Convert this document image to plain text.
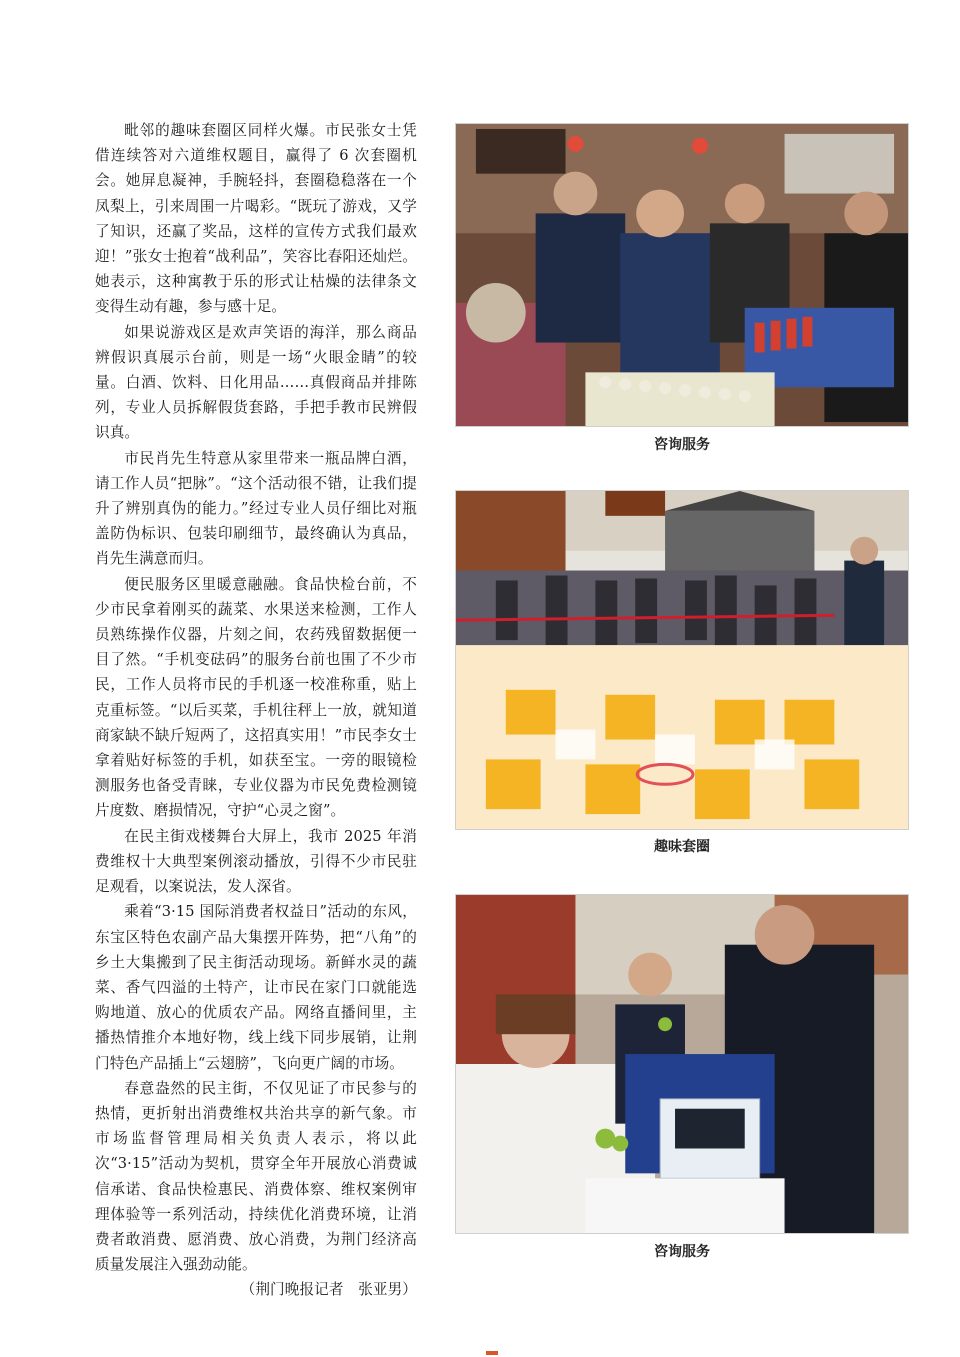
毗邻的趣味套圈区同样火爆。市民张女士凭借连续答对六道维权题目，赢得了 6 次套圈机会。她屏息凝神，手腕轻抖，套圈稳稳落在一个凤梨上，引来周围一片喝彩。“既玩了游戏，又学了知识，还赢了奖品，这样的宣传方式我们最欢迎！”张女士抱着“战利品”，笑容比春阳还灿烂。她表示，这种寓教于乐的形式让枯燥的法律条文变得生动有趣，参与感十足。

如果说游戏区是欢声笑语的海洋，那么商品辨假识真展示台前，则是一场“火眼金睛”的较量。白酒、饮料、日化用品……真假商品并排陈列，专业人员拆解假货套路，手把手教市民辨假识真。

市民肖先生特意从家里带来一瓶品牌白酒，请工作人员“把脉”。“这个活动很不错，让我们提升了辨别真伪的能力。”经过专业人员仔细比对瓶盖防伪标识、包装印刷细节，最终确认为真品，肖先生满意而归。

便民服务区里暖意融融。食品快检台前，不少市民拿着刚买的蔬菜、水果送来检测，工作人员熟练操作仪器，片刻之间，农药残留数据便一目了然。“手机变砝码”的服务台前也围了不少市民，工作人员将市民的手机逐一校准称重，贴上克重标签。“以后买菜，手机往秤上一放，就知道商家缺不缺斤短两了，这招真实用！”市民李女士拿着贴好标签的手机，如获至宝。一旁的眼镜检测服务也备受青睐，专业仪器为市民免费检测镜片度数、磨损情况，守护“心灵之窗”。

在民主街戏楼舞台大屏上，我市 2025 年消费维权十大典型案例滚动播放，引得不少市民驻足观看，以案说法，发人深省。

乘着“3·15 国际消费者权益日”活动的东风，东宝区特色农副产品大集摆开阵势，把“八角”的乡土大集搬到了民主街活动现场。新鲜水灵的蔬菜、香气四溢的土特产，让市民在家门口就能选购地道、放心的优质农产品。网络直播间里，主播热情推介本地好物，线上线下同步展销，让荆门特色产品插上“云翅膀”，飞向更广阔的市场。

春意盎然的民主街，不仅见证了市民参与的热情，更折射出消费维权共治共享的新气象。市市场监督管理局相关负责人表示，将以此次“3·15”活动为契机，贯穿全年开展放心消费诚信承诺、食品快检惠民、消费体察、维权案例审理体验等一系列活动，持续优化消费环境，让消费者敢消费、愿消费、放心消费，为荆门经济高质量发展注入强劲动能。
（荆门晚报记者　张亚男）

咨询服务
趣味套圈
咨询服务
